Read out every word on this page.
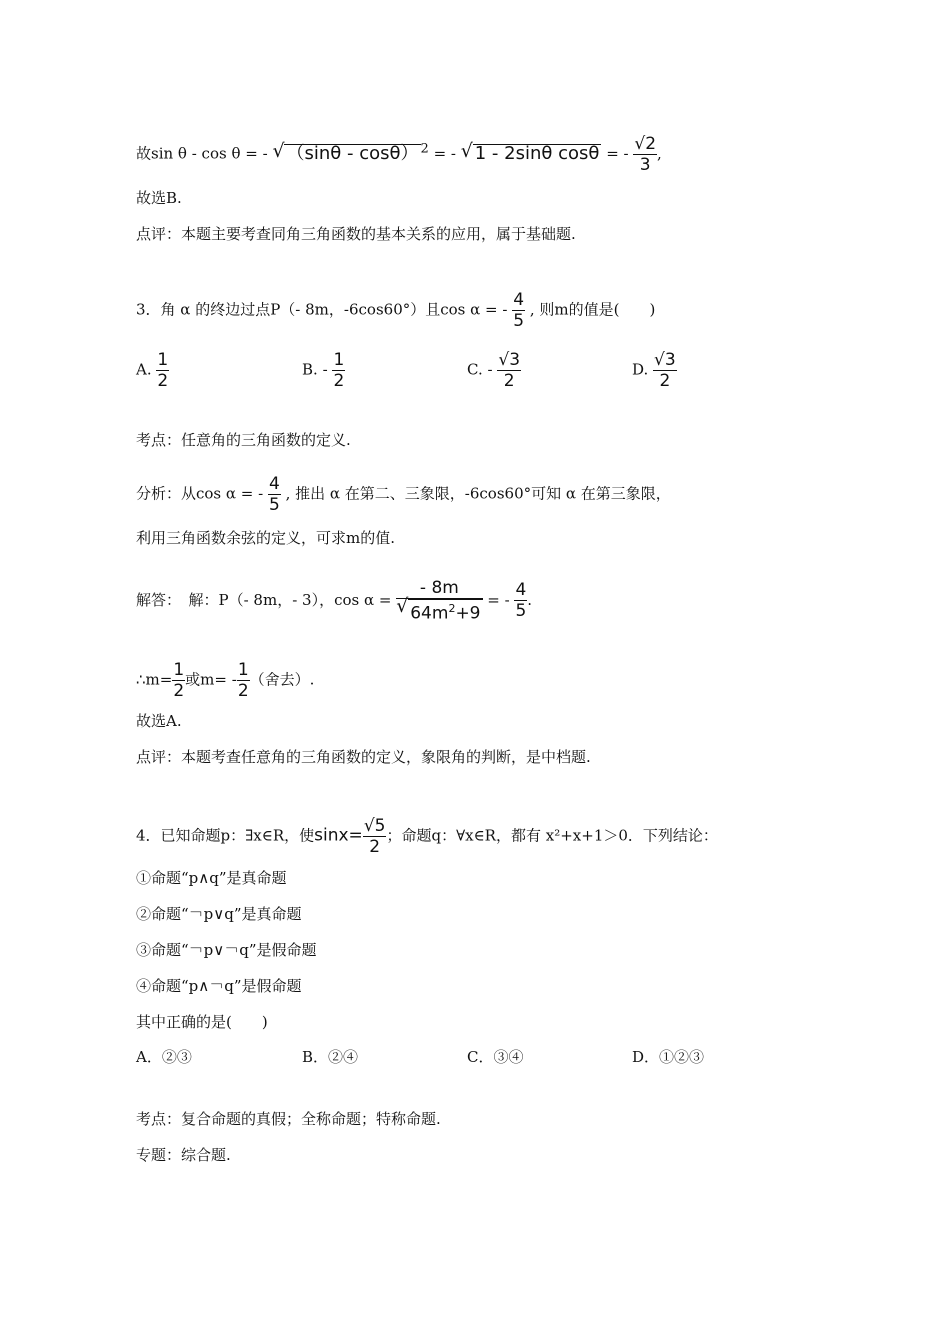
故sin θ - cos θ = - √ （sinθ - cosθ） $^2$ = - √ 1 - 2sinθ cosθ = - $\frac{√2}{3}$ ,
故选B.
点评：本题主要考查同角三角函数的基本关系的应用，属于基础题.
3．角 α 的终边过点P（- 8m，-6cos60°）且cos α = - $\frac{4}{5}$ , 则m的值是(　　)
A. $\frac{1}{2}$	B. - $\frac{1}{2}$	C. - $\frac{√3}{2}$	D. $\frac{√3}{2}$
考点：任意角的三角函数的定义.
分析：从cos α = - $\frac{4}{5}$ , 推出 α 在第二、三象限，-6cos60°可知 α 在第三象限，
利用三角函数余弦的定义，可求m的值.
解答：　解：P（- 8m，- 3），cos α = - 8m
√ $64m^2+9$ = - $\frac{4}{5}$ .
∴m= $\frac{1}{2}$ 或$m= - \frac{1}{2}$ （舍去）.
故选A.
点评：本题考查任意角的三角函数的定义，象限角的判断，是中档题.
4．已知命题p：∃x∈R，使$\sin x= \frac{√5}{2}$ ；命题q：∀x∈R，都有 x²+x+1＞0．下列结论：
①命题“p∧q”是真命题
②命题“￢p∨q”是真命题
③命题“￢p∨￢q”是假命题
④命题“p∧￢q”是假命题
其中正确的是(　　)
A．②③	B．②④	C．③④	D．①②③
考点：复合命题的真假；全称命题；特称命题.
专题：综合题.
